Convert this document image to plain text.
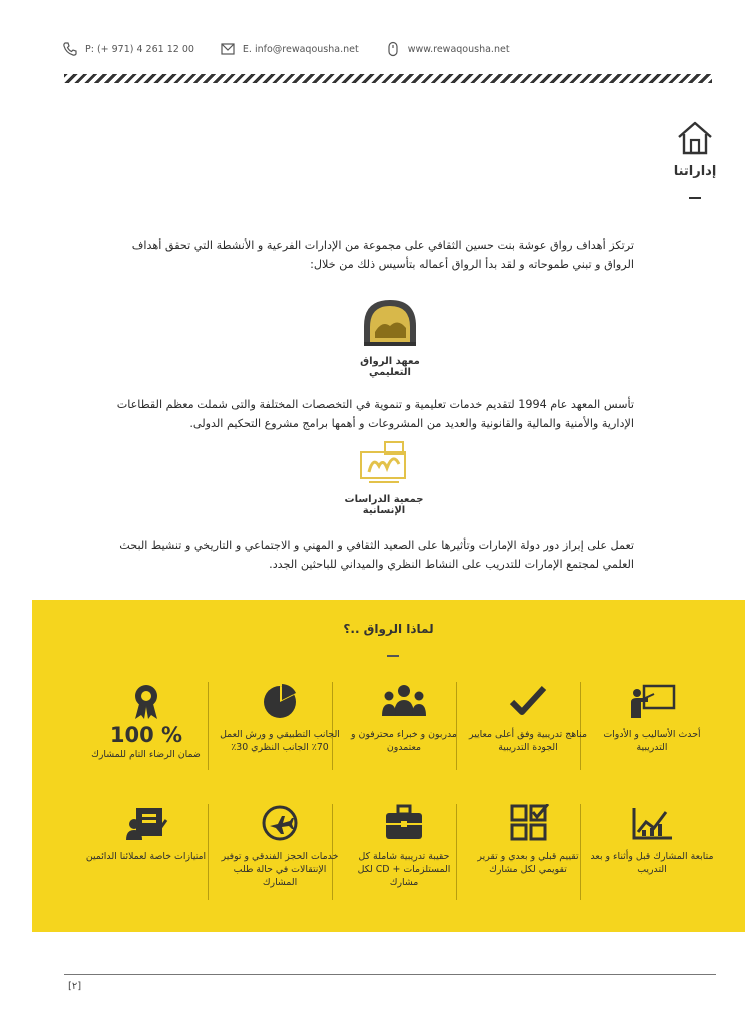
P: (+ 971) 4 261 12 00	E. info@rewaqousha.net	www.rewaqousha.net
إداراتنا
ترتكز أهداف رواق عوشة بنت حسين الثقافي على مجموعة من الإدارات الفرعية و الأنشطة التي تحقق أهداف الرواق و تبني طموحاته و لقد بدأ الرواق أعماله بتأسيس ذلك من خلال:
معهد الرواق التعليمي
تأسس المعهد عام 1994 لتقديم خدمات تعليمية و تنموية في التخصصات المختلفة والتى شملت معظم القطاعات الإدارية والأمنية والمالية والقانونية والعديد من المشروعات و أهمها برامج مشروع التحكيم الدولى.
جمعية الدراسات الإنسانية
تعمل على إبراز دور دولة الإمارات وتأثيرها على الصعيد الثقافي و المهني و الاجتماعي و التاريخي و تنشيط البحث العلمي لمجتمع الإمارات للتدريب على النشاط النظري والميداني للباحثين الجدد.
لماذا الرواق ..؟
أحدث الأساليب و الأدوات التدريبية
مناهج تدريبية وفق أعلى معايير الجودة التدريبية
مدربون و خبراء محترفون و معتمدون
الجانب التطبيقي و ورش العمل 70٪ الجانب النظري 30٪
100 %
ضمان الرضاء التام للمشارك
متابعة المشارك قبل وأثناء و بعد التدريب
تقييم قبلي و بعدي و تقرير تقويمي لكل مشارك
حقيبة تدريبية شاملة كل المستلزمات + CD لكل مشارك
خدمات الحجز الفندقي و توفير الإنتقالات في حالة طلب المشارك
امتيازات خاصة لعملائنا الدائمين
[٢]
